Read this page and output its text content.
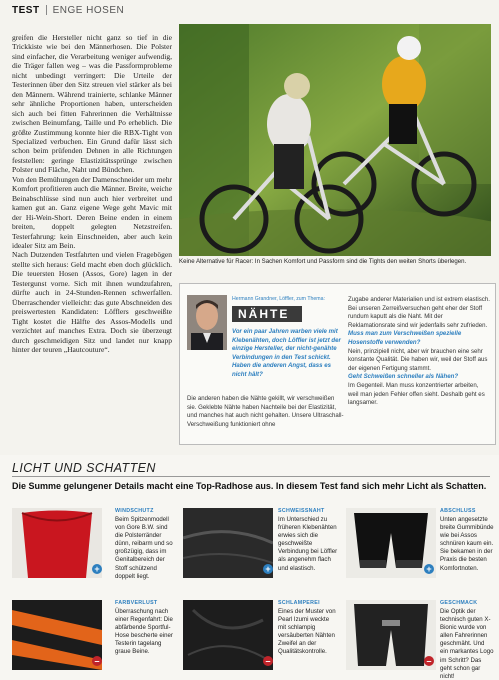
TEST ENGE HOSEN

greifen die Hersteller nicht ganz so tief in die Trickkiste wie bei den Männerhosen. Die Polster sind einfacher, die Verarbeitung weniger aufwendig, die Träger fallen weg – was die Passformprobleme nicht unbedingt verringert: Die Urteile der Testerinnen über den Sitz streuen viel stärker als bei den Männern. Während trainierte, schlanke Männer sehr ähnliche Proportionen haben, unterscheiden sich auch bei fitten Fahrerinnen die Verhältnisse zwischen Beinumfang, Taille und Po erheblich. Die größte Zustimmung konnte hier die RBX-Tight von Specialized verbuchen. Ein Grund dafür lässt sich schon beim prüfenden Dehnen in alle Richtungen feststellen: geringe Elastizitätssprünge zwischen Polster und Fläche, Naht und Bündchen.

Von den Bemühungen der Damenschneider um mehr Komfort profitieren auch die Männer. Breite, weiche Beinabschlüsse sind nun auch hier verbreitet und kamen gut an. Ganz eigene Wege geht Mavic mit der Hi-Wein-Short. Deren Beine enden in einem breiten, doppelt gelegten Netzstreifen. Testerfahrung: kein Einschneiden, aber auch kein idealer Sitz am Bein.

Nach Dutzenden Testfahrten und vielen Fragebögen stellte sich heraus: Geld macht eben doch glücklich. Die teuersten Hosen (Assos, Gore) lagen in der Testergunst vorne. Sich mit ihnen wundzufahren, dürfte auch in 24-Stunden-Rennen schwerfallen. Überraschender vielleicht: das gute Abschneiden des preiswertesten Kandidaten: Löfflers geschweißte Tight kostet die Hälfte des Assos-Modells und verzichtet auf manches Extra. Doch sie überzeugt durch geschmeidigen Sitz und landet nur knapp hinter der teuren „Hautcouture“.

Keine Alternative für Racer: In Sachen Komfort und Passform sind die Tights den weiten Shorts überlegen.
Hermann Grandner, Löffler, zum Thema:
NÄHTE
Vor ein paar Jahren warben viele mit Klebenähten, doch Löffler ist jetzt der einzige Hersteller, der nicht-genähte Verbindungen in den Test schickt. Haben die anderen Angst, dass es nicht hält?
Die anderen haben die Nähte gekillt, wir verschweißen sie. Geklebte Nähte haben Nachteile bei der Elastizität, und manches hat auch nicht gehalten. Unsere Ultraschall-Verschweißung funktioniert ohne
Zugabe anderer Materialien und ist extrem elastisch. Bei unseren Zerreißversuchen geht eher der Stoff rundum kaputt als die Naht. Mit der Reklamationsrate sind wir jedenfalls sehr zufrieden.
Muss man zum Verschweißen spezielle Hosenstoffe verwenden?
Nein, prinzipiell nicht, aber wir brauchen eine sehr konstante Qualität. Die haben wir, weil der Stoff aus der eigenen Fertigung stammt.
Geht Schweißen schneller als Nähen?
Im Gegenteil. Man muss konzentrierter arbeiten, weil man jeden Fehler offen sieht. Deshalb geht es langsamer.
LICHT UND SCHATTEN
Die Summe gelungener Details macht eine Top-Radhose aus. In diesem Test fand sich mehr Licht als Schatten.
+
WINDSCHUTZ
Beim Spitzenmodell von Gore B.W. sind die Polsterränder dünn, reibarm und so großzügig, dass im Genitalbereich der Stoff schützend doppelt liegt.
+
SCHWEISSNAHT
Im Unterschied zu früheren Klebenähten erwies sich die geschweißte Verbindung bei Löffler als angenehm flach und elastisch.	+
ABSCHLUSS
Unten angesetzte breite Gummibünde wie bei Assos schnüren kaum ein. Sie bekamen in der Praxis die besten Komfortnoten.
–
FARBVERLUST
Überraschung nach einer Regenfahrt: Die abfärbende Sportful-Hose bescherte einer Testerin tagelang graue Beine.
–
SCHLAMPEREI
Eines der Muster von Pearl Izumi weckte mit schlampig versäuberten Nähten Zweifel an der Qualitätskontrolle.
–
GESCHMACK
Die Optik der technisch guten X-Bionic wurde von allen Fahrerinnen geschmäht. Und ein markantes Logo im Schritt? Das geht schon gar nicht!
